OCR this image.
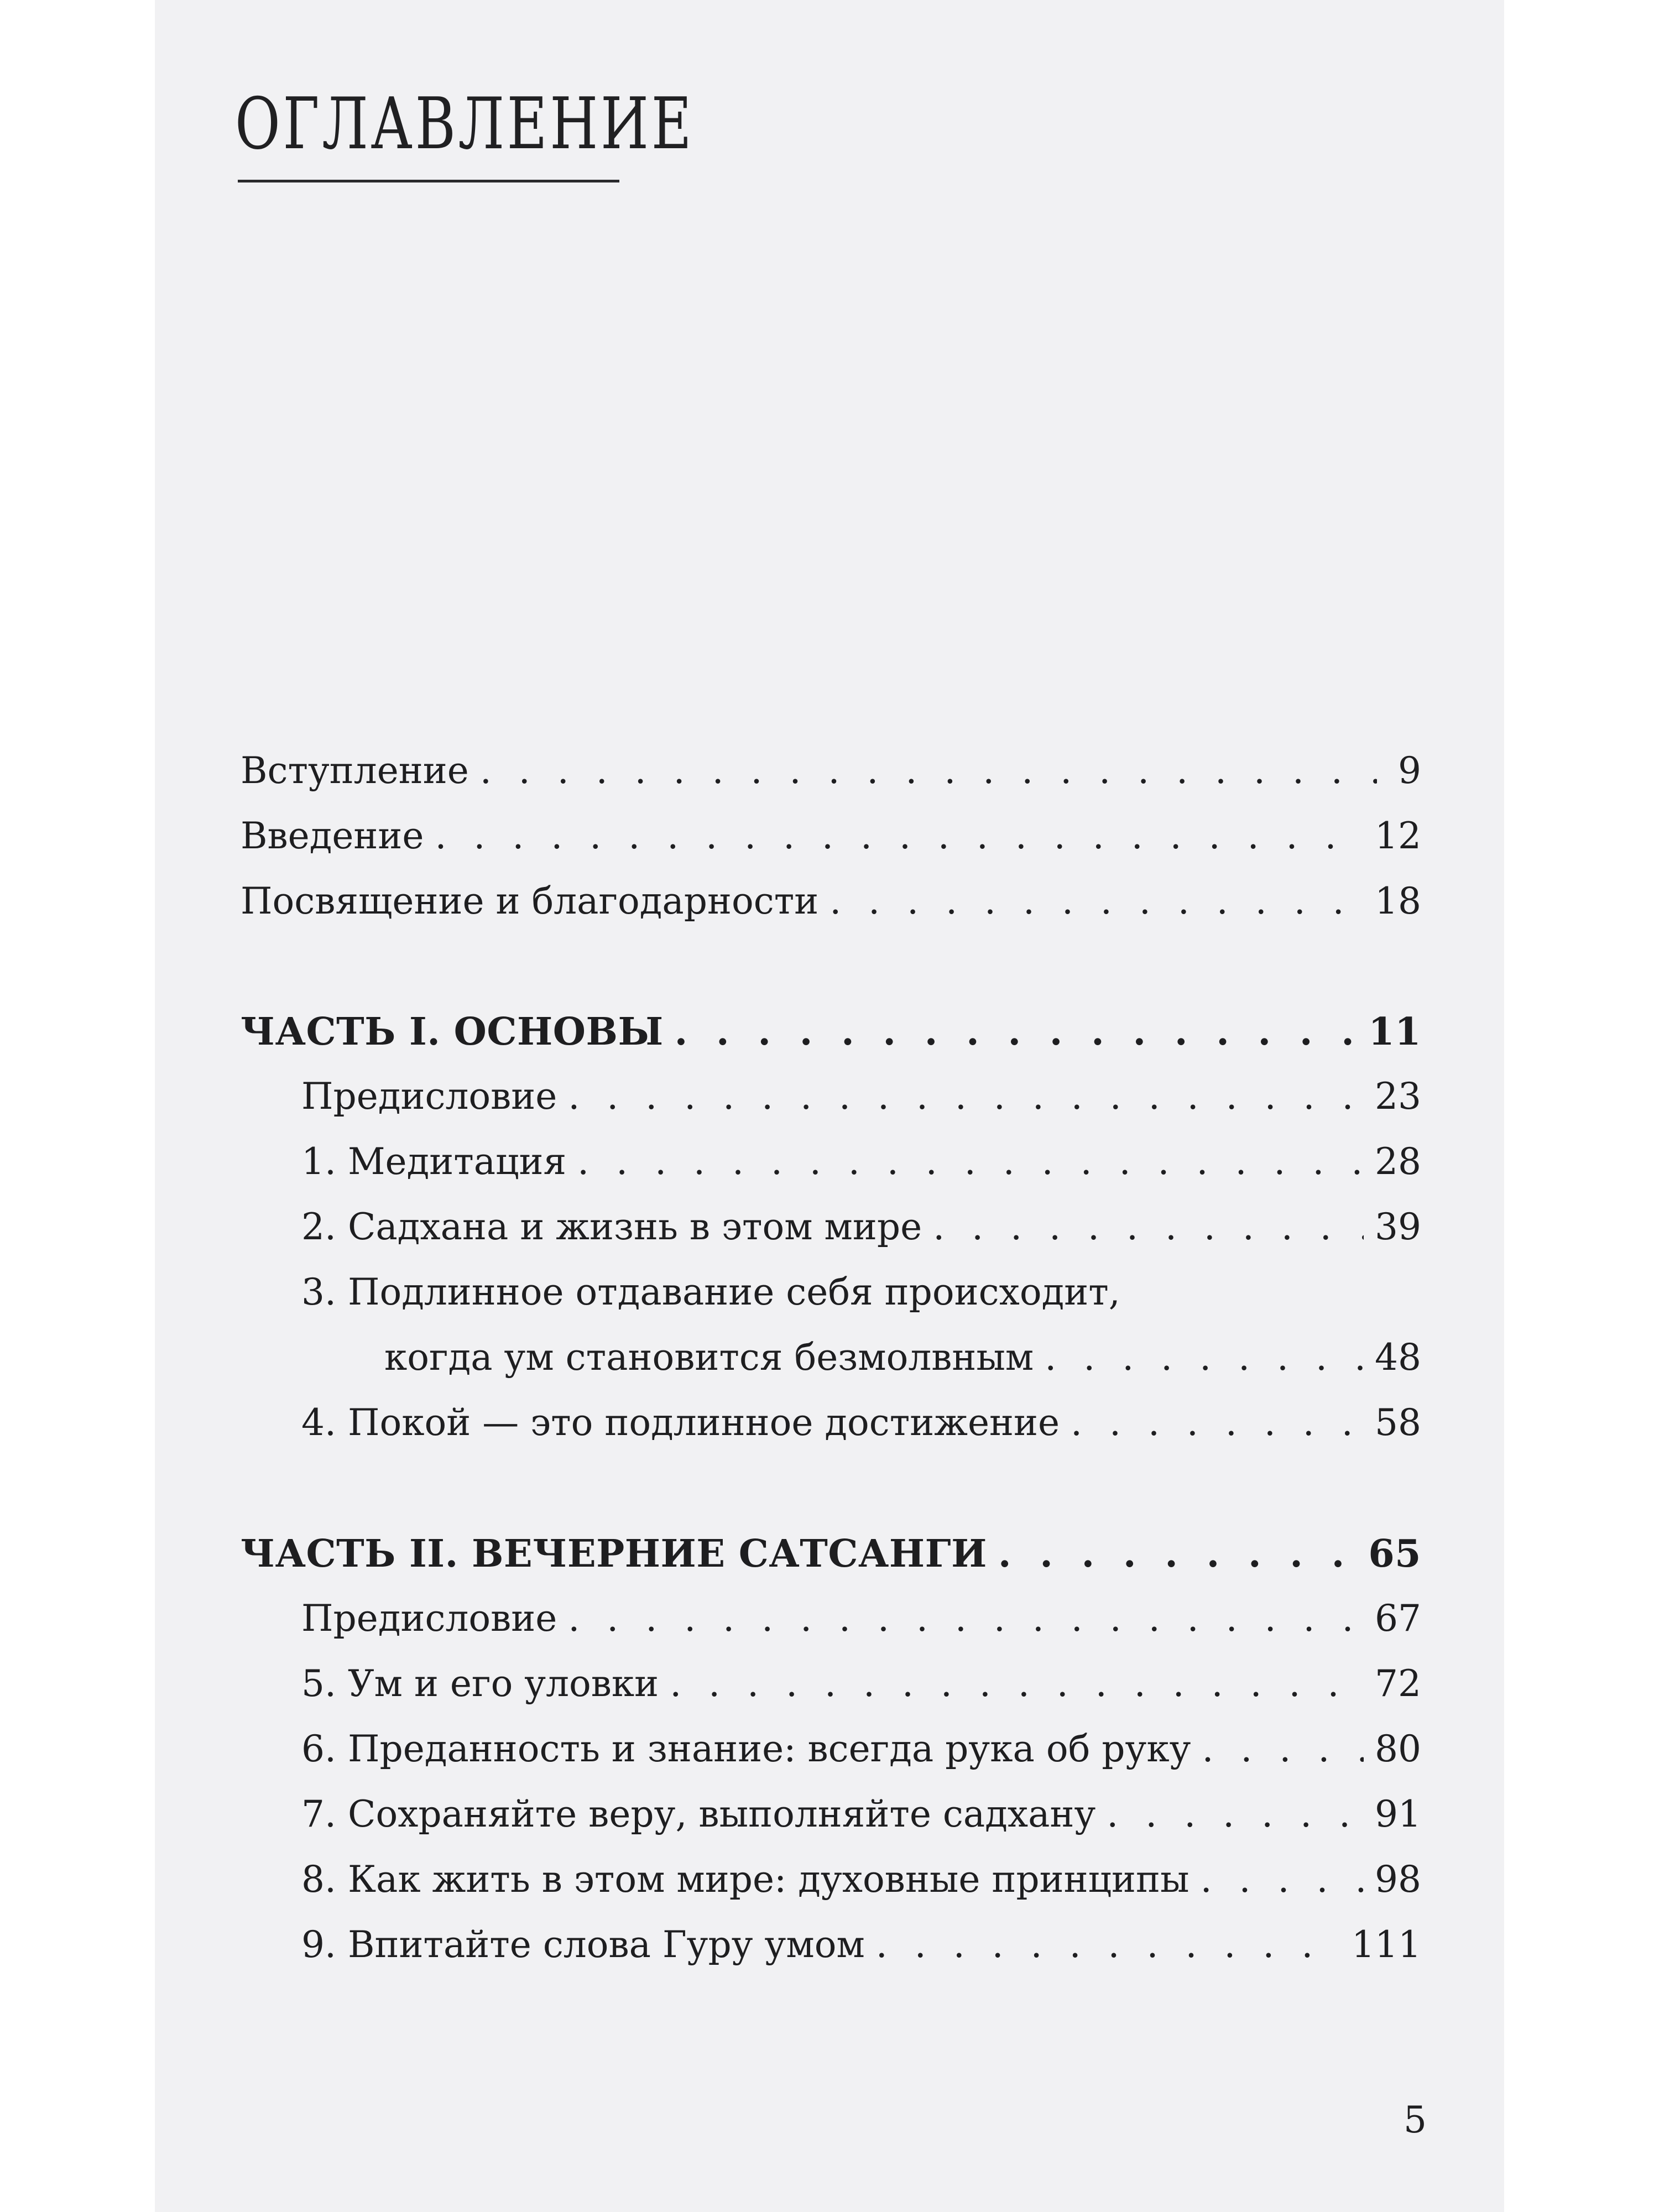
ОГЛАВЛЕНИЕ
Вступление . . .	9
Введение . . .	12
Посвящение и благодарности . . .	18
ЧАСТЬ I. ОСНОВЫ . . .	11
Предисловие . . .	23
1. Медитация . . .	28
2. Садхана и жизнь в этом мире . . .	39
3. Подлинное отдавание себя происходит,
когда ум становится безмолвным . . .	48
4. Покой — это подлинное достижение . . .	58
ЧАСТЬ II. ВЕЧЕРНИЕ САТСАНГИ . . .	65
Предисловие . . .	67
5. Ум и его уловки . . .	72
6. Преданность и знание: всегда рука об руку . . .	80
7. Сохраняйте веру, выполняйте садхану . . .	91
8. Как жить в этом мире: духовные принципы . . .	98
9. Впитайте слова Гуру умом . . .	111
5
